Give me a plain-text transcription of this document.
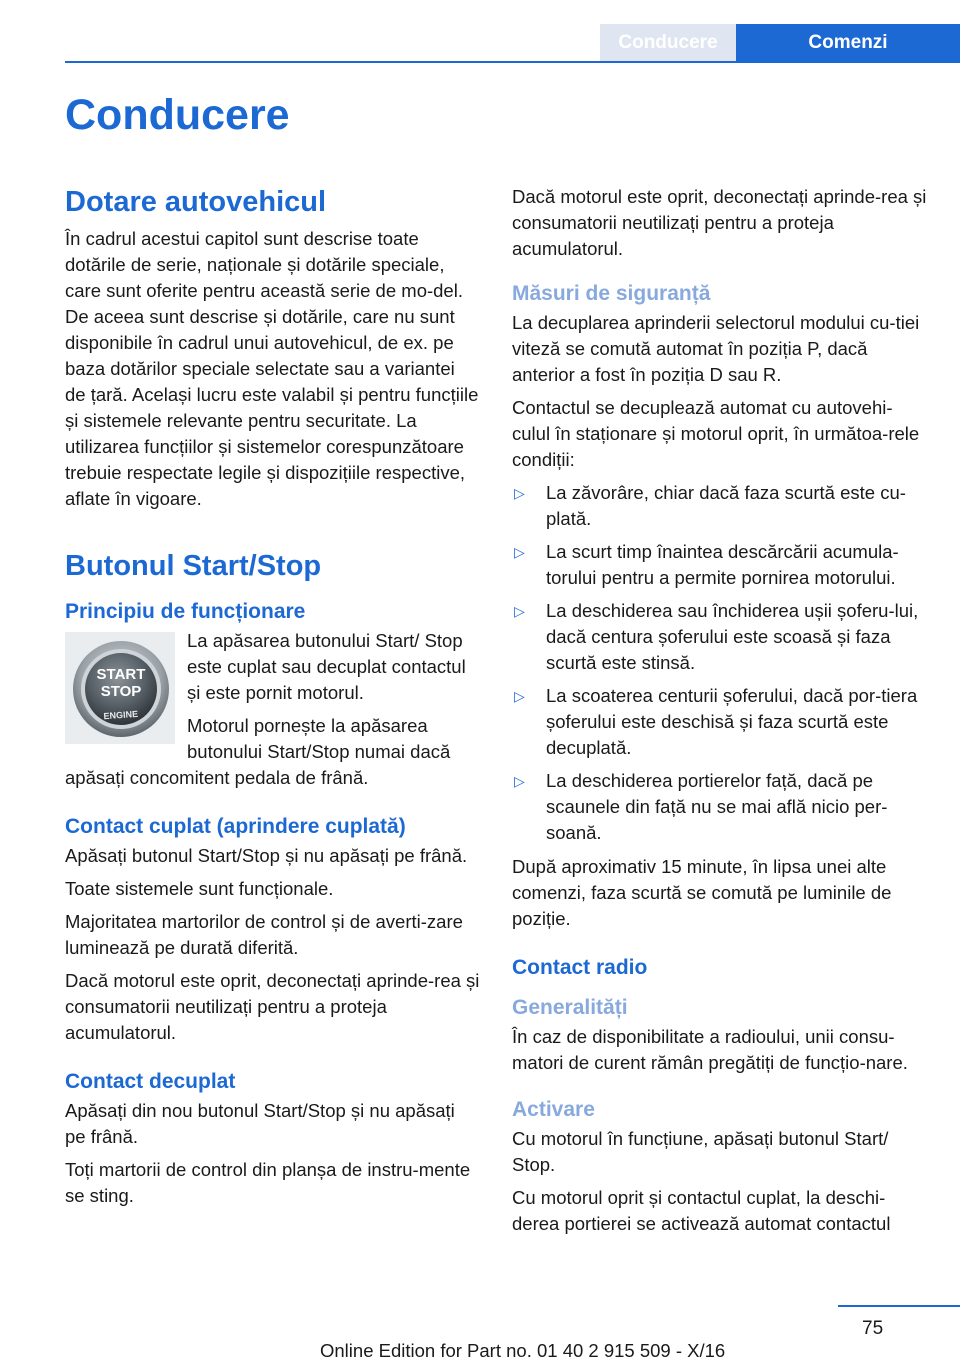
Conducere	Comenzi
Conducere
Dotare autovehicul

În cadrul acestui capitol sunt descrise toate dotările de serie, naționale și dotările speciale, care sunt oferite pentru această serie de mo‐del. De aceea sunt descrise și dotările, care nu sunt disponibile în cadrul unui autovehicul, de ex. pe baza dotărilor speciale selectate sau a variantei de țară. Același lucru este valabil și pentru funcțiile și sistemele relevante pentru securitate. La utilizarea funcțiilor și sistemelor corespunzătoare trebuie respectate legile și dispozițiile respective, aflate în vigoare.

Butonul Start/Stop
Principiu de funcționare
START
STOP
ENGINE

La apăsarea butonului Start/ Stop este cuplat sau decuplat contactul și este pornit motorul.

Motorul pornește la apăsarea butonului Start/Stop numai dacă apăsați concomitent pedala de frână.

Contact cuplat (aprindere cuplată)

Apăsați butonul Start/Stop și nu apăsați pe frână.

Toate sistemele sunt funcționale.

Majoritatea martorilor de control și de averti‐zare luminează pe durată diferită.

Dacă motorul este oprit, deconectați aprinde‐rea și consumatorii neutilizați pentru a proteja acumulatorul.

Contact decuplat

Apăsați din nou butonul Start/Stop și nu apăsați pe frână.

Toți martorii de control din planșa de instru‐mente se sting.

Dacă motorul este oprit, deconectați aprinde‐rea și consumatorii neutilizați pentru a proteja acumulatorul.

Măsuri de siguranță

La decuplarea aprinderii selectorul modului cu‐tiei viteză se comută automat în poziția P, dacă anterior a fost în poziția D sau R.

Contactul se decuplează automat cu autovehi‐culul în staționare și motorul oprit, în următoa‐rele condiții:

▷ La zăvorâre, chiar dacă faza scurtă este cu‐plată.
▷ La scurt timp înaintea descărcării acumula‐torului pentru a permite pornirea motorului.
▷ La deschiderea sau închiderea ușii șoferu‐lui, dacă centura șoferului este scoasă și faza scurtă este stinsă.
▷ La scoaterea centurii șoferului, dacă por‐tiera șoferului este deschisă și faza scurtă este decuplată.
▷ La deschiderea portierelor față, dacă pe scaunele din față nu se mai află nicio per‐soană.

După aproximativ 15 minute, în lipsa unei alte comenzi, faza scurtă se comută pe luminile de poziție.

Contact radio
Generalități

În caz de disponibilitate a radioului, unii consu‐matori de curent rămân pregătiți de funcțio‐nare.

Activare

Cu motorul în funcțiune, apăsați butonul Start/ Stop.

Cu motorul oprit și contactul cuplat, la deschi‐derea portierei se activează automat contactul

75
Online Edition for Part no. 01 40 2 915 509 - X/16
